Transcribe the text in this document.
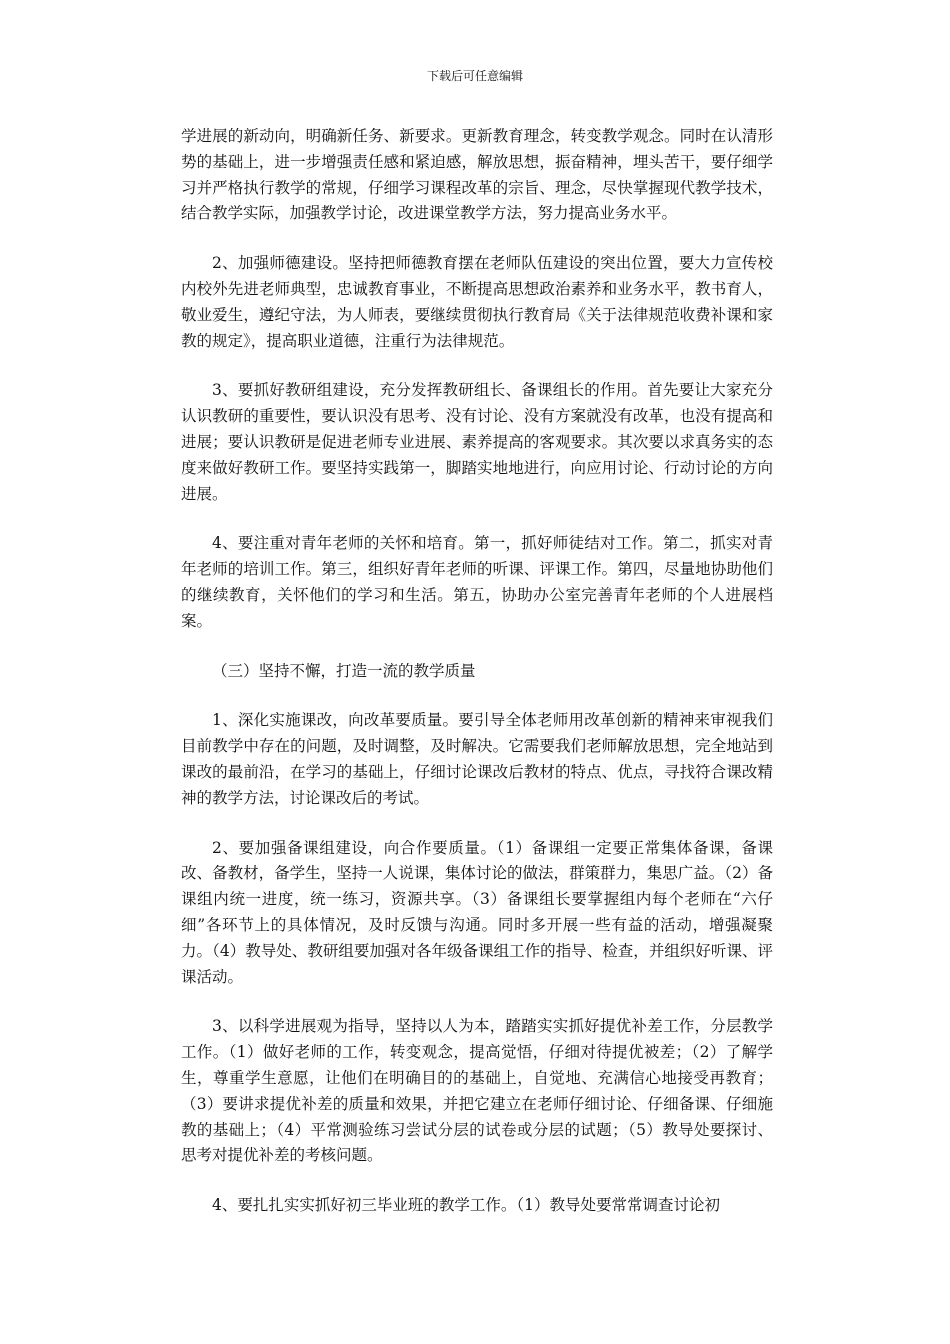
下载后可任意编辑

学进展的新动向，明确新任务、新要求。更新教育理念，转变教学观念。同时在认清形势的基础上，进一步增强责任感和紧迫感，解放思想，振奋精神，埋头苦干，要仔细学习并严格执行教学的常规，仔细学习课程改革的宗旨、理念，尽快掌握现代教学技术，结合教学实际，加强教学讨论，改进课堂教学方法，努力提高业务水平。

2、加强师德建设。坚持把师德教育摆在老师队伍建设的突出位置，要大力宣传校内校外先进老师典型，忠诚教育事业，不断提高思想政治素养和业务水平，教书育人，敬业爱生，遵纪守法，为人师表，要继续贯彻执行教育局《关于法律规范收费补课和家教的规定》，提高职业道德，注重行为法律规范。

3、要抓好教研组建设，充分发挥教研组长、备课组长的作用。首先要让大家充分认识教研的重要性，要认识没有思考、没有讨论、没有方案就没有改革，也没有提高和进展；要认识教研是促进老师专业进展、素养提高的客观要求。其次要以求真务实的态度来做好教研工作。要坚持实践第一，脚踏实地地进行，向应用讨论、行动讨论的方向进展。

4、要注重对青年老师的关怀和培育。第一，抓好师徒结对工作。第二，抓实对青年老师的培训工作。第三，组织好青年老师的听课、评课工作。第四，尽量地协助他们的继续教育，关怀他们的学习和生活。第五，协助办公室完善青年老师的个人进展档案。

（三）坚持不懈，打造一流的教学质量

1、深化实施课改，向改革要质量。要引导全体老师用改革创新的精神来审视我们目前教学中存在的问题，及时调整，及时解决。它需要我们老师解放思想，完全地站到课改的最前沿，在学习的基础上，仔细讨论课改后教材的特点、优点，寻找符合课改精神的教学方法，讨论课改后的考试。

2、要加强备课组建设，向合作要质量。（1）备课组一定要正常集体备课，备课改、备教材，备学生，坚持一人说课，集体讨论的做法，群策群力，集思广益。（2）备课组内统一进度，统一练习，资源共享。（3）备课组长要掌握组内每个老师在“六仔细”各环节上的具体情况，及时反馈与沟通。同时多开展一些有益的活动，增强凝聚力。（4）教导处、教研组要加强对各年级备课组工作的指导、检查，并组织好听课、评课活动。

3、以科学进展观为指导，坚持以人为本，踏踏实实抓好提优补差工作，分层教学工作。（1）做好老师的工作，转变观念，提高觉悟，仔细对待提优被差；（2）了解学生，尊重学生意愿，让他们在明确目的的基础上，自觉地、充满信心地接受再教育；（3）要讲求提优补差的质量和效果，并把它建立在老师仔细讨论、仔细备课、仔细施教的基础上；（4）平常测验练习尝试分层的试卷或分层的试题；（5）教导处要探讨、思考对提优补差的考核问题。

4、要扎扎实实抓好初三毕业班的教学工作。（1）教导处要常常调查讨论初
